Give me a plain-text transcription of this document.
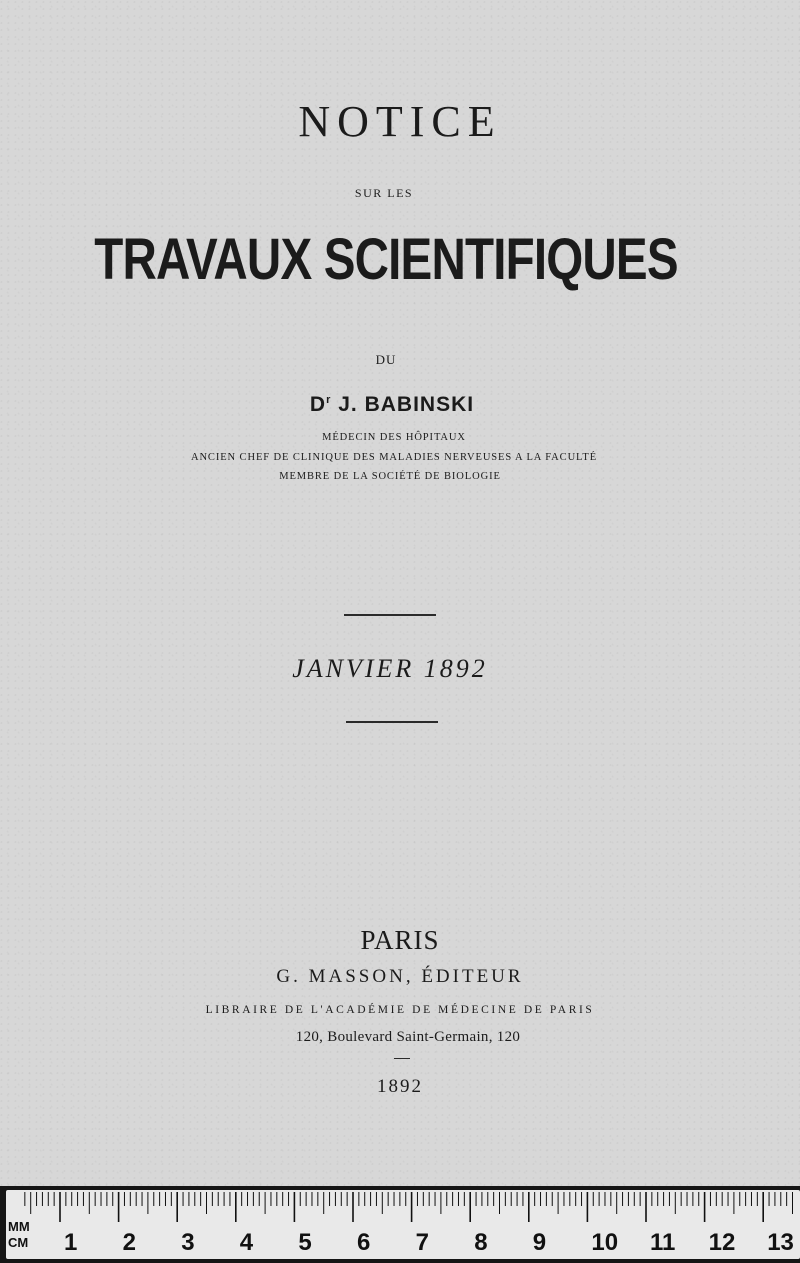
NOTICE
SUR LES
TRAVAUX SCIENTIFIQUES
DU
$D^r$ J. BABINSKI
MÉDECIN DES HÔPITAUX
ANCIEN CHEF DE CLINIQUE DES MALADIES NERVEUSES A LA FACULTÉ
MEMBRE DE LA SOCIÉTÉ DE BIOLOGIE
JANVIER 1892
PARIS
G. MASSON, ÉDITEUR
LIBRAIRE DE L'ACADÉMIE DE MÉDECINE DE PARIS
120, Boulevard Saint-Germain, 120
1892
1 2 3 4 5 6 7 8 9 10 11 12 13
MM
CM
